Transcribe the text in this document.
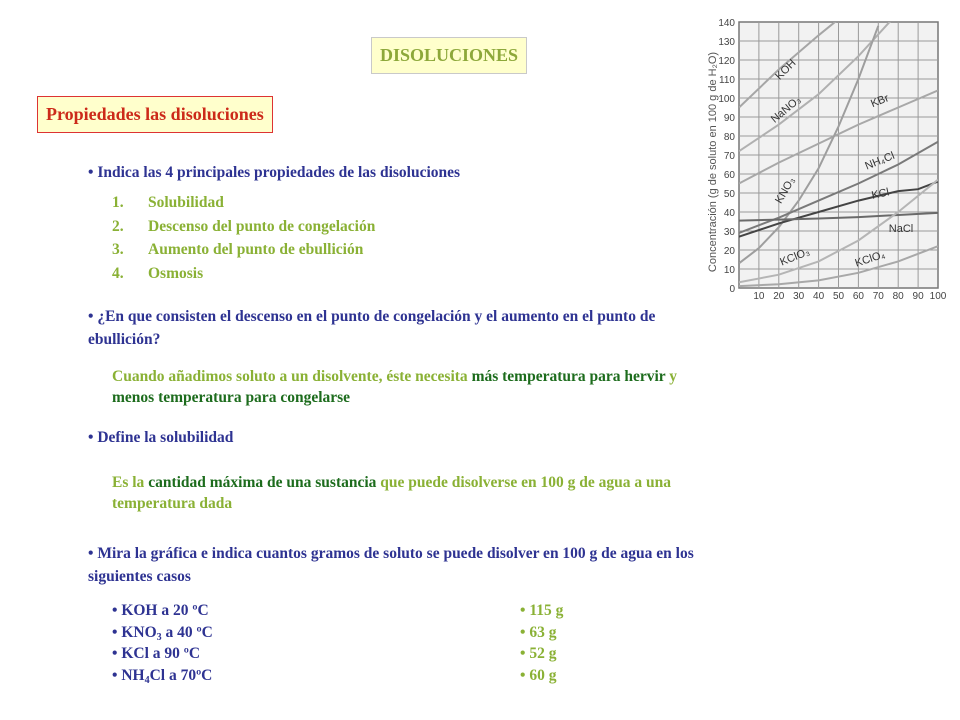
DISOLUCIONES
Propiedades las disoluciones
• Indica las 4 principales propiedades de las disoluciones
1. Solubilidad
2. Descenso del punto de congelación
3. Aumento del punto de ebullición
4. Osmosis
• ¿En que consisten el descenso en el punto de congelación y el aumento en el punto de
ebullición?
Cuando añadimos soluto a un disolvente, éste necesita más temperatura para hervir y
menos temperatura para congelarse
• Define la solubilidad
Es la cantidad máxima de una sustancia que puede disolverse en 100 g de agua a una
temperatura dada
• Mira la gráfica e indica cuantos gramos de soluto se puede disolver en 100 g de agua en los
siguientes casos
• KOH a 20 ºC
• $KNO_3$ a 40 ºC
• KCl a 90 ºC
• $NH_4Cl$ a 70ºC
• 115 g
• 63 g
• 52 g
• 60 g
KOH
NaNO₃	KBr
KNO₃
NH₄Cl
KCl
NaCl
KClO₃	KClO₄
0
10
20
30
40
50
60
70
80
90
100
110
120
130
140
10 20 30 40 50 60 70 80 90 100
Concentración (g de soluto en 100 g de H₂O)
